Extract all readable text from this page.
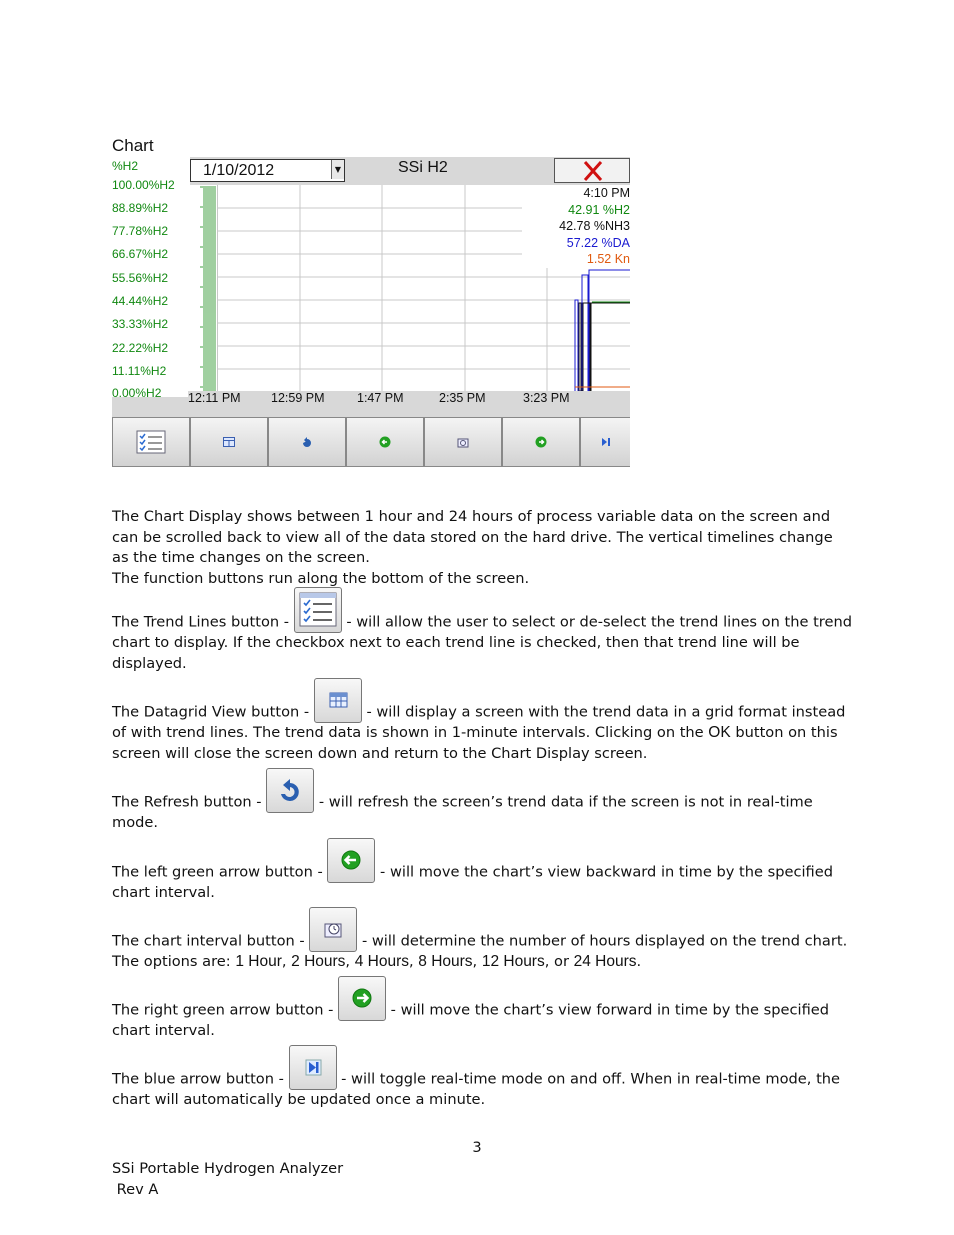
Chart
%H2
100.00%H2
88.89%H2
77.78%H2
66.67%H2
55.56%H2
44.44%H2
33.33%H2
22.22%H2
11.11%H2
0.00%H2
1/10/2012	▼	SSi H2
4:10 PM
42.91 %H2
42.78 %NH3
57.22 %DA
1.52 Kn
12:11 PM 12:59 PM	1:47 PM	2:35 PM	3:23 PM
The Chart Display shows between 1 hour and 24 hours of process variable data on the screen and can be scrolled back to view all of the data stored on the hard drive. The vertical timelines change as the time changes on the screen.
The function buttons run along the bottom of the screen.
The Trend Lines button -	- will allow the user to select or de-select the trend lines on the trend chart to display. If the checkbox next to each trend line is checked, then that trend line will be displayed.
The Datagrid View button -	- will display a screen with the trend data in a grid format instead of with trend lines. The trend data is shown in 1-minute intervals. Clicking on the OK button on this screen will close the screen down and return to the Chart Display screen.
The Refresh button -	- will refresh the screen’s trend data if the screen is not in real-time mode.
The left green arrow button -	- will move the chart’s view backward in time by the specified chart interval.
The chart interval button -	- will determine the number of hours displayed on the trend chart. The options are: 1 Hour, 2 Hours, 4 Hours, 8 Hours, 12 Hours, or 24 Hours.
The right green arrow button -	- will move the chart’s view forward in time by the specified chart interval.
The blue arrow button -	- will toggle real-time mode on and off. When in real-time mode, the chart will automatically be updated once a minute.
3
SSi Portable Hydrogen Analyzer
Rev A
